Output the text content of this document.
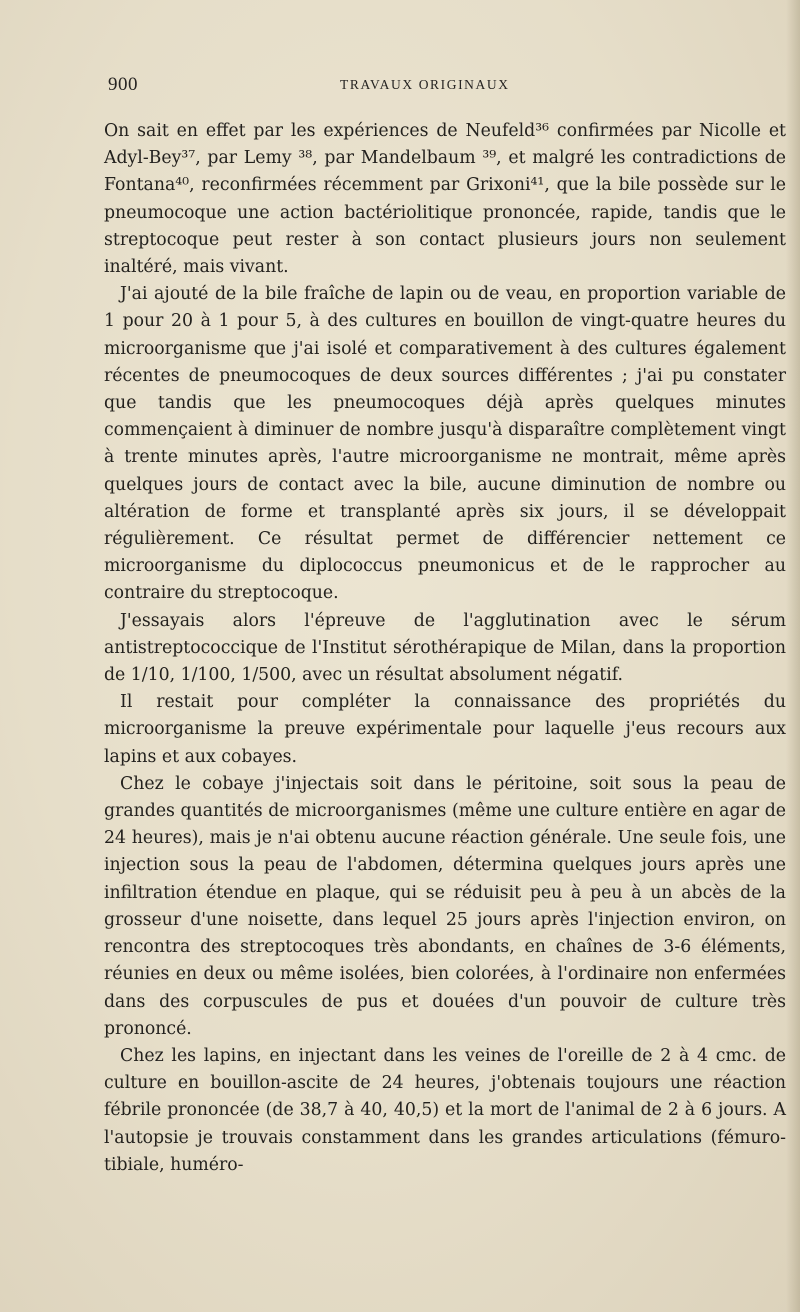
900	TRAVAUX ORIGINAUX

On sait en effet par les expériences de Neufeld³⁶ confirmées par Nicolle et Adyl-Bey³⁷, par Lemy ³⁸, par Mandelbaum ³⁹, et malgré les contradictions de Fontana⁴⁰, reconfirmées récemment par Grixoni⁴¹, que la bile possède sur le pneumocoque une action bactériolitique prononcée, rapide, tandis que le streptocoque peut rester à son contact plusieurs jours non seulement inaltéré, mais vivant.

J'ai ajouté de la bile fraîche de lapin ou de veau, en proportion variable de 1 pour 20 à 1 pour 5, à des cultures en bouillon de vingt-quatre heures du microorganisme que j'ai isolé et comparativement à des cultures également récentes de pneumocoques de deux sources différentes ; j'ai pu constater que tandis que les pneumocoques déjà après quelques minutes commençaient à diminuer de nombre jusqu'à disparaître complètement vingt à trente minutes après, l'autre microorganisme ne montrait, même après quelques jours de contact avec la bile, aucune diminution de nombre ou altération de forme et transplanté après six jours, il se développait régulièrement. Ce résultat permet de différencier nettement ce microorganisme du diplococcus pneumonicus et de le rapprocher au contraire du streptocoque.

J'essayais alors l'épreuve de l'agglutination avec le sérum antistreptococcique de l'Institut sérothérapique de Milan, dans la proportion de 1/10, 1/100, 1/500, avec un résultat absolument négatif.

Il restait pour compléter la connaissance des propriétés du microorganisme la preuve expérimentale pour laquelle j'eus recours aux lapins et aux cobayes.

Chez le cobaye j'injectais soit dans le péritoine, soit sous la peau de grandes quantités de microorganismes (même une culture entière en agar de 24 heures), mais je n'ai obtenu aucune réaction générale. Une seule fois, une injection sous la peau de l'abdomen, détermina quelques jours après une infiltration étendue en plaque, qui se réduisit peu à peu à un abcès de la grosseur d'une noisette, dans lequel 25 jours après l'injection environ, on rencontra des streptocoques très abondants, en chaînes de 3-6 éléments, réunies en deux ou même isolées, bien colorées, à l'ordinaire non enfermées dans des corpuscules de pus et douées d'un pouvoir de culture très prononcé.

Chez les lapins, en injectant dans les veines de l'oreille de 2 à 4 cmc. de culture en bouillon-ascite de 24 heures, j'obtenais toujours une réaction fébrile prononcée (de 38,7 à 40, 40,5) et la mort de l'animal de 2 à 6 jours. A l'autopsie je trouvais constamment dans les grandes articulations (fémuro-tibiale, huméro-
